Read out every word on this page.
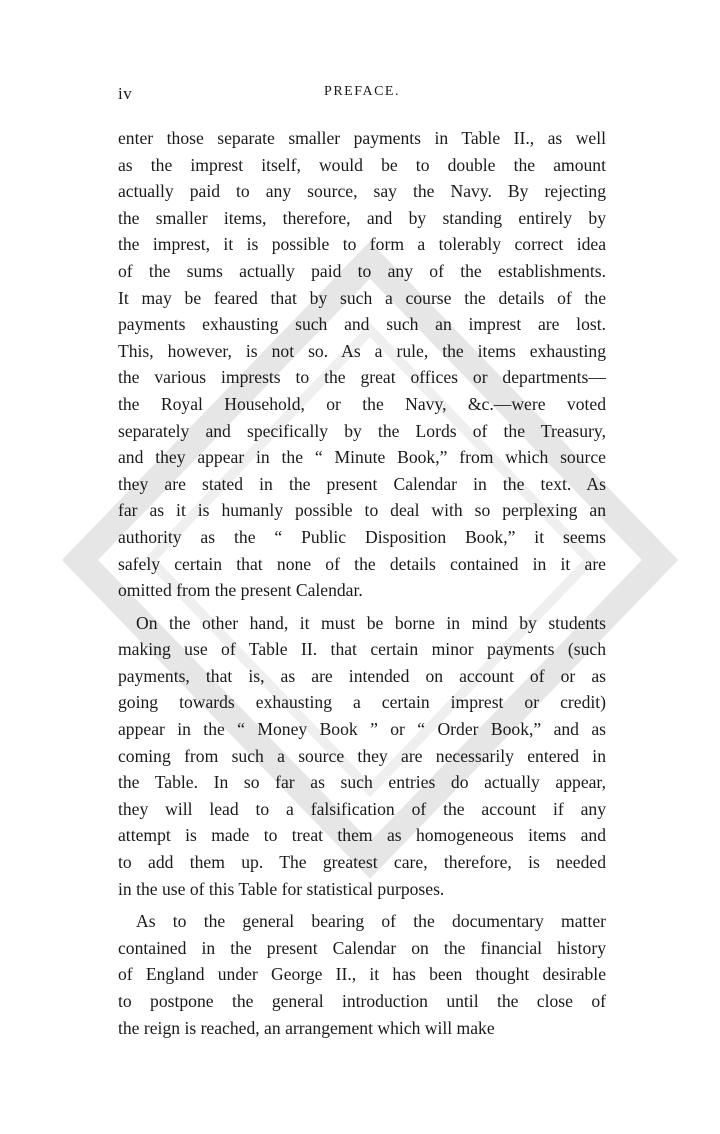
iv	PREFACE.

enter those separate smaller payments in Table II., as well
as the imprest itself, would be to double the amount
actually paid to any source, say the Navy. By rejecting
the smaller items, therefore, and by standing entirely by
the imprest, it is possible to form a tolerably correct idea
of the sums actually paid to any of the establishments.
It may be feared that by such a course the details of the
payments exhausting such and such an imprest are lost.
This, however, is not so. As a rule, the items exhausting
the various imprests to the great offices or departments—
the Royal Household, or the Navy, &c.—were voted
separately and specifically by the Lords of the Treasury,
and they appear in the “ Minute Book,” from which source
they are stated in the present Calendar in the text. As
far as it is humanly possible to deal with so perplexing an
authority as the “ Public Disposition Book,” it seems
safely certain that none of the details contained in it are
omitted from the present Calendar.

On the other hand, it must be borne in mind by students
making use of Table II. that certain minor payments (such
payments, that is, as are intended on account of or as
going towards exhausting a certain imprest or credit)
appear in the “ Money Book ” or “ Order Book,” and as
coming from such a source they are necessarily entered in
the Table. In so far as such entries do actually appear,
they will lead to a falsification of the account if any
attempt is made to treat them as homogeneous items and
to add them up. The greatest care, therefore, is needed
in the use of this Table for statistical purposes.

As to the general bearing of the documentary matter
contained in the present Calendar on the financial history
of England under George II., it has been thought desirable
to postpone the general introduction until the close of
the reign is reached, an arrangement which will make
